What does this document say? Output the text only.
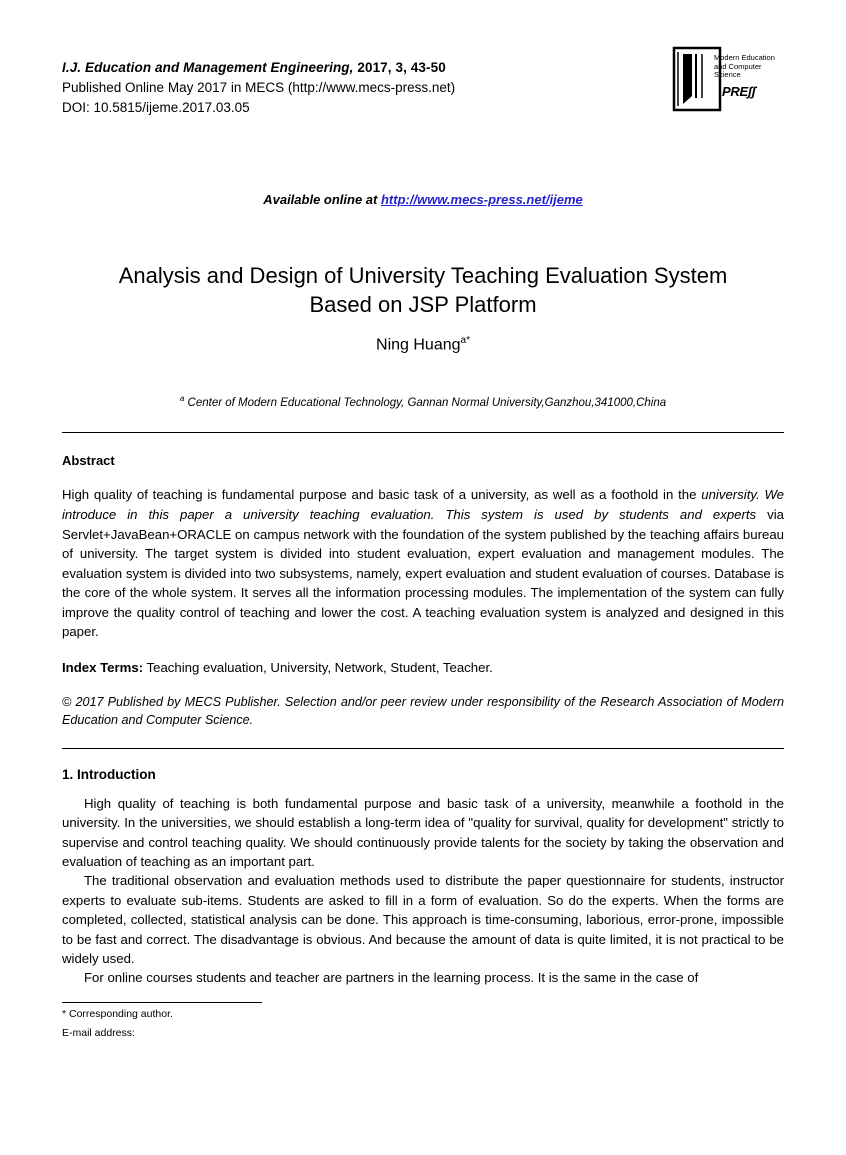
I.J. Education and Management Engineering, 2017, 3, 43-50
Published Online May 2017 in MECS (http://www.mecs-press.net)
DOI: 10.5815/ijeme.2017.03.05
Modern Education
and Computer Science
PREʃʃ
Available online at http://www.mecs-press.net/ijeme
Analysis and Design of University Teaching Evaluation System Based on JSP Platform
Ning Huang$^{a*}$
$^a$ Center of Modern Educational Technology, Gannan Normal University,Ganzhou,341000,China
Abstract
High quality of teaching is fundamental purpose and basic task of a university, as well as a foothold in the university. We introduce in this paper a university teaching evaluation. This system is used by students and experts via Servlet+JavaBean+ORACLE on campus network with the foundation of the system published by the teaching affairs bureau of university. The target system is divided into student evaluation, expert evaluation and management modules. The evaluation system is divided into two subsystems, namely, expert evaluation and student evaluation of courses. Database is the core of the whole system. It serves all the information processing modules. The implementation of the system can fully improve the quality control of teaching and lower the cost. A teaching evaluation system is analyzed and designed in this paper.
Index Terms: Teaching evaluation, University, Network, Student, Teacher.
© 2017 Published by MECS Publisher. Selection and/or peer review under responsibility of the Research Association of Modern Education and Computer Science.
1. Introduction
High quality of teaching is both fundamental purpose and basic task of a university, meanwhile a foothold in the university. In the universities, we should establish a long-term idea of "quality for survival, quality for development" strictly to supervise and control teaching quality. We should continuously provide talents for the society by taking the observation and evaluation of teaching as an important part.
The traditional observation and evaluation methods used to distribute the paper questionnaire for students, instructor experts to evaluate sub-items. Students are asked to fill in a form of evaluation. So do the experts. When the forms are completed, collected, statistical analysis can be done. This approach is time-consuming, laborious, error-prone, impossible to be fast and correct. The disadvantage is obvious. And because the amount of data is quite limited, it is not practical to be widely used.
For online courses students and teacher are partners in the learning process. It is the same in the case of
* Corresponding author.
E-mail address:
